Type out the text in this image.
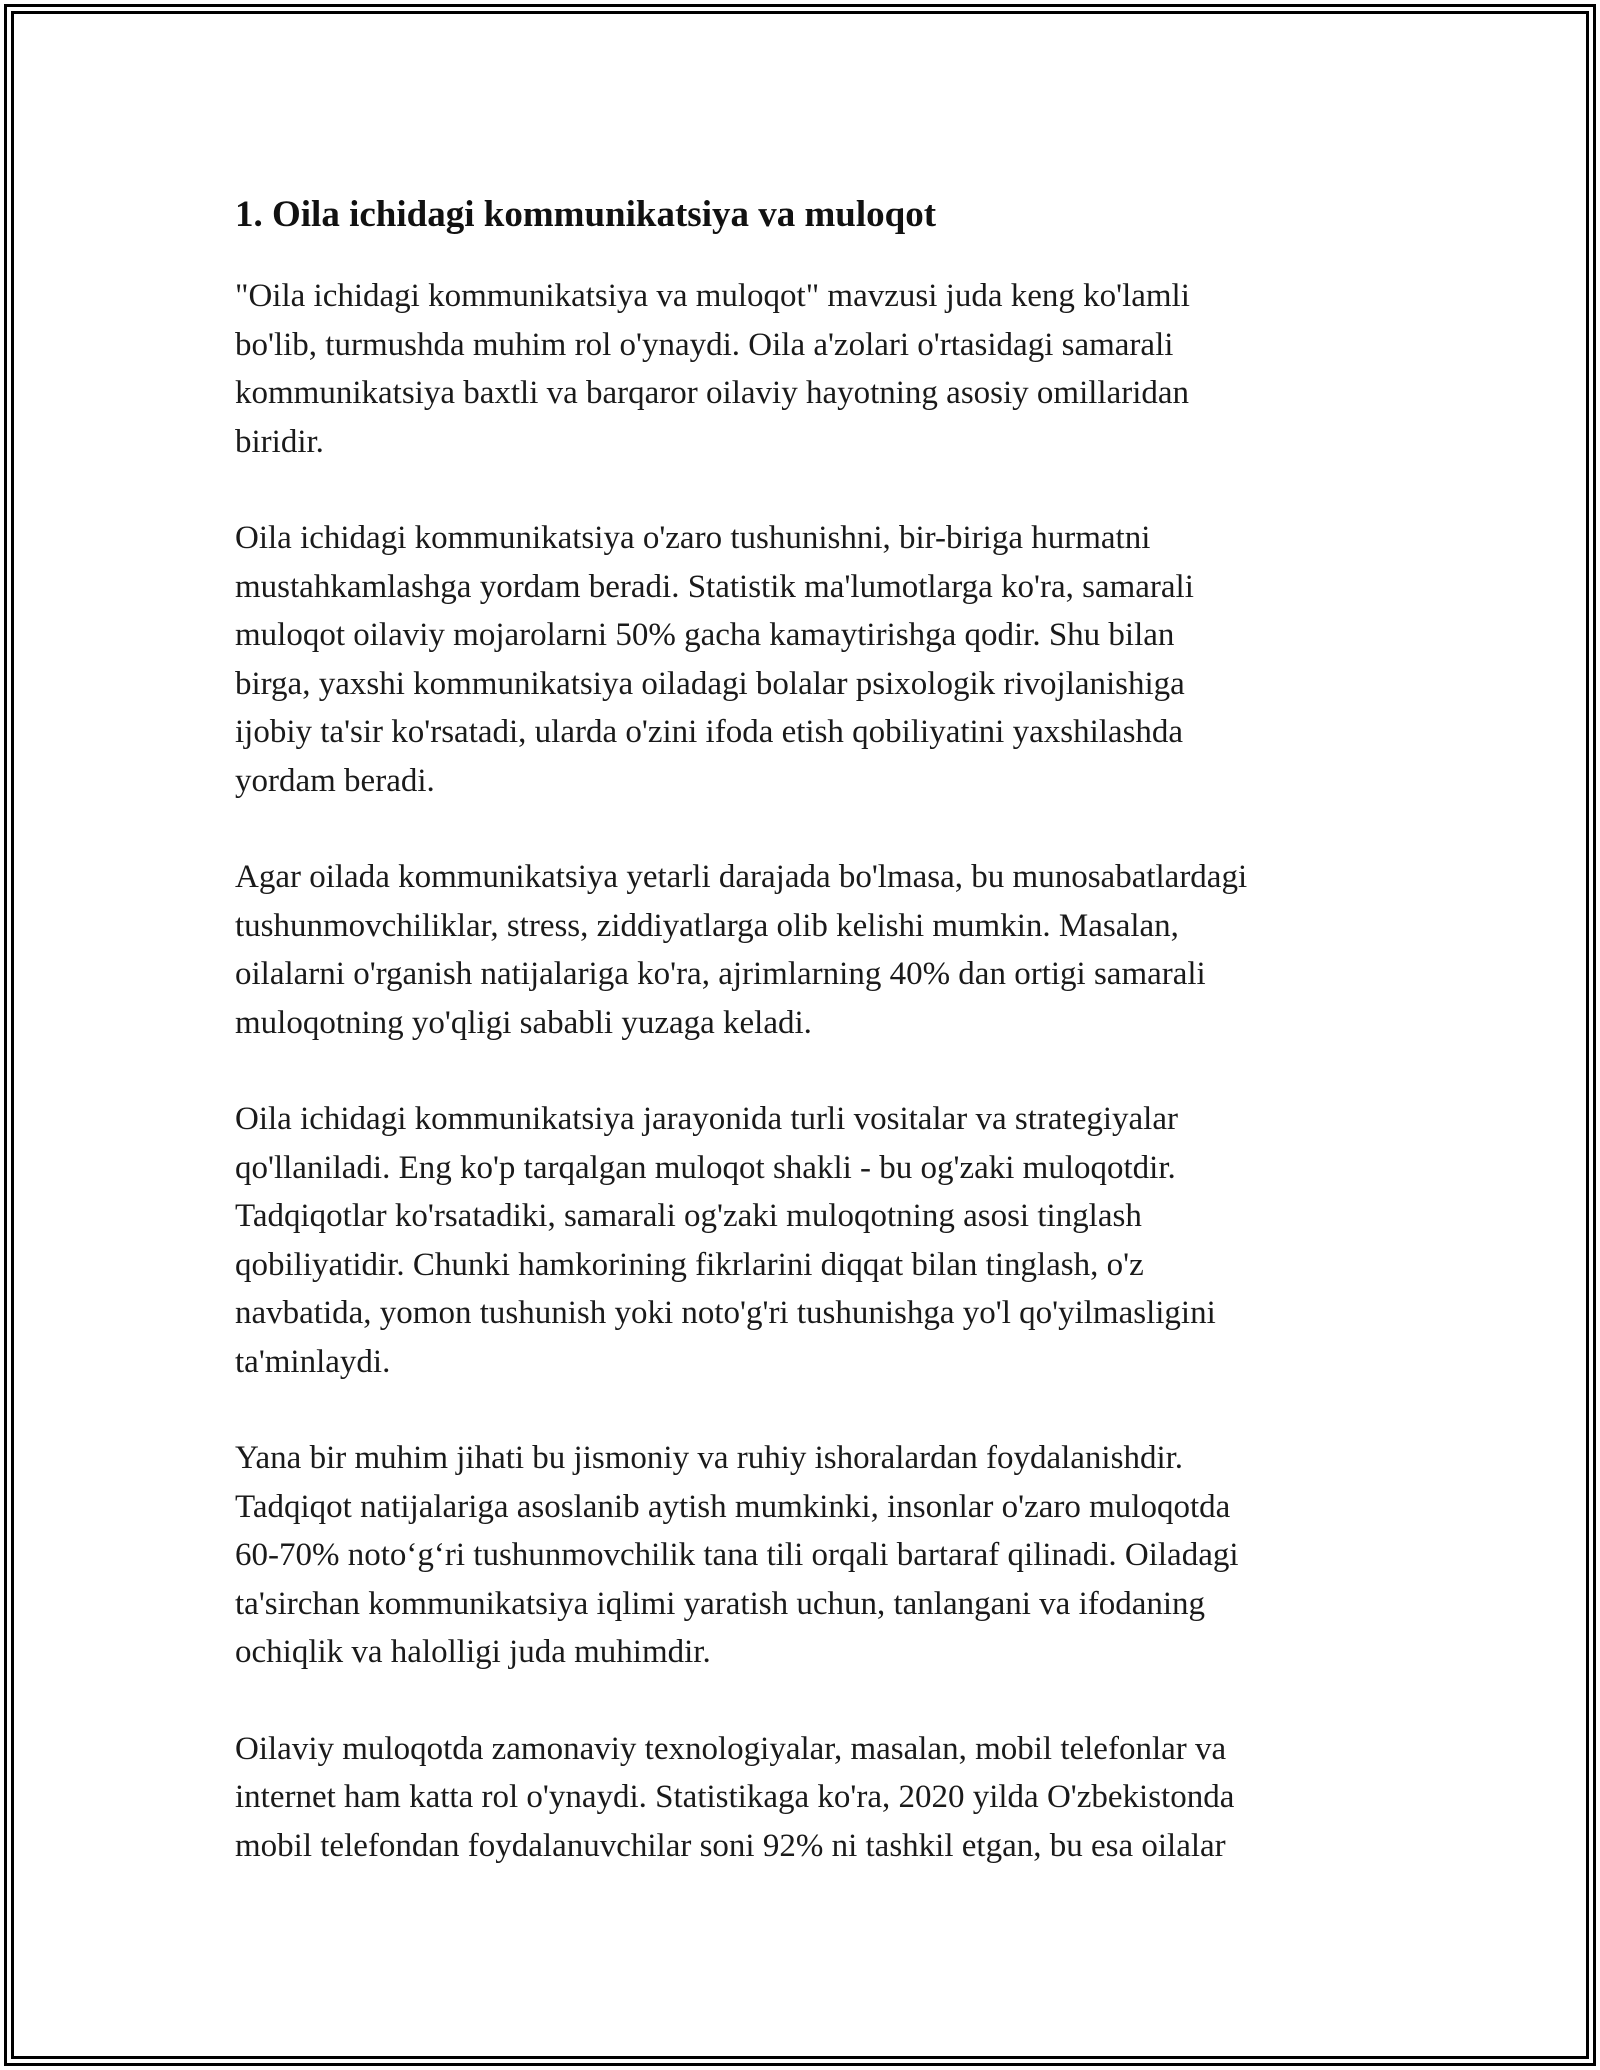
1. Oila ichidagi kommunikatsiya va muloqot

"Oila ichidagi kommunikatsiya va muloqot" mavzusi juda keng ko'lamli
bo'lib, turmushda muhim rol o'ynaydi. Oila a'zolari o'rtasidagi samarali
kommunikatsiya baxtli va barqaror oilaviy hayotning asosiy omillaridan
biridir.

Oila ichidagi kommunikatsiya o'zaro tushunishni, bir-biriga hurmatni
mustahkamlashga yordam beradi. Statistik ma'lumotlarga ko'ra, samarali
muloqot oilaviy mojarolarni 50% gacha kamaytirishga qodir. Shu bilan
birga, yaxshi kommunikatsiya oiladagi bolalar psixologik rivojlanishiga
ijobiy ta'sir ko'rsatadi, ularda o'zini ifoda etish qobiliyatini yaxshilashda
yordam beradi.

Agar oilada kommunikatsiya yetarli darajada bo'lmasa, bu munosabatlardagi
tushunmovchiliklar, stress, ziddiyatlarga olib kelishi mumkin. Masalan,
oilalarni o'rganish natijalariga ko'ra, ajrimlarning 40% dan ortigi samarali
muloqotning yo'qligi sababli yuzaga keladi.

Oila ichidagi kommunikatsiya jarayonida turli vositalar va strategiyalar
qo'llaniladi. Eng ko'p tarqalgan muloqot shakli - bu og'zaki muloqotdir.
Tadqiqotlar ko'rsatadiki, samarali og'zaki muloqotning asosi tinglash
qobiliyatidir. Chunki hamkorining fikrlarini diqqat bilan tinglash, o'z
navbatida, yomon tushunish yoki noto'g'ri tushunishga yo'l qo'yilmasligini
ta'minlaydi.

Yana bir muhim jihati bu jismoniy va ruhiy ishoralardan foydalanishdir.
Tadqiqot natijalariga asoslanib aytish mumkinki, insonlar o'zaro muloqotda
60-70% noto‘g‘ri tushunmovchilik tana tili orqali bartaraf qilinadi. Oiladagi
ta'sirchan kommunikatsiya iqlimi yaratish uchun, tanlangani va ifodaning
ochiqlik va halolligi juda muhimdir.

Oilaviy muloqotda zamonaviy texnologiyalar, masalan, mobil telefonlar va
internet ham katta rol o'ynaydi. Statistikaga ko'ra, 2020 yilda O'zbekistonda
mobil telefondan foydalanuvchilar soni 92% ni tashkil etgan, bu esa oilalar
